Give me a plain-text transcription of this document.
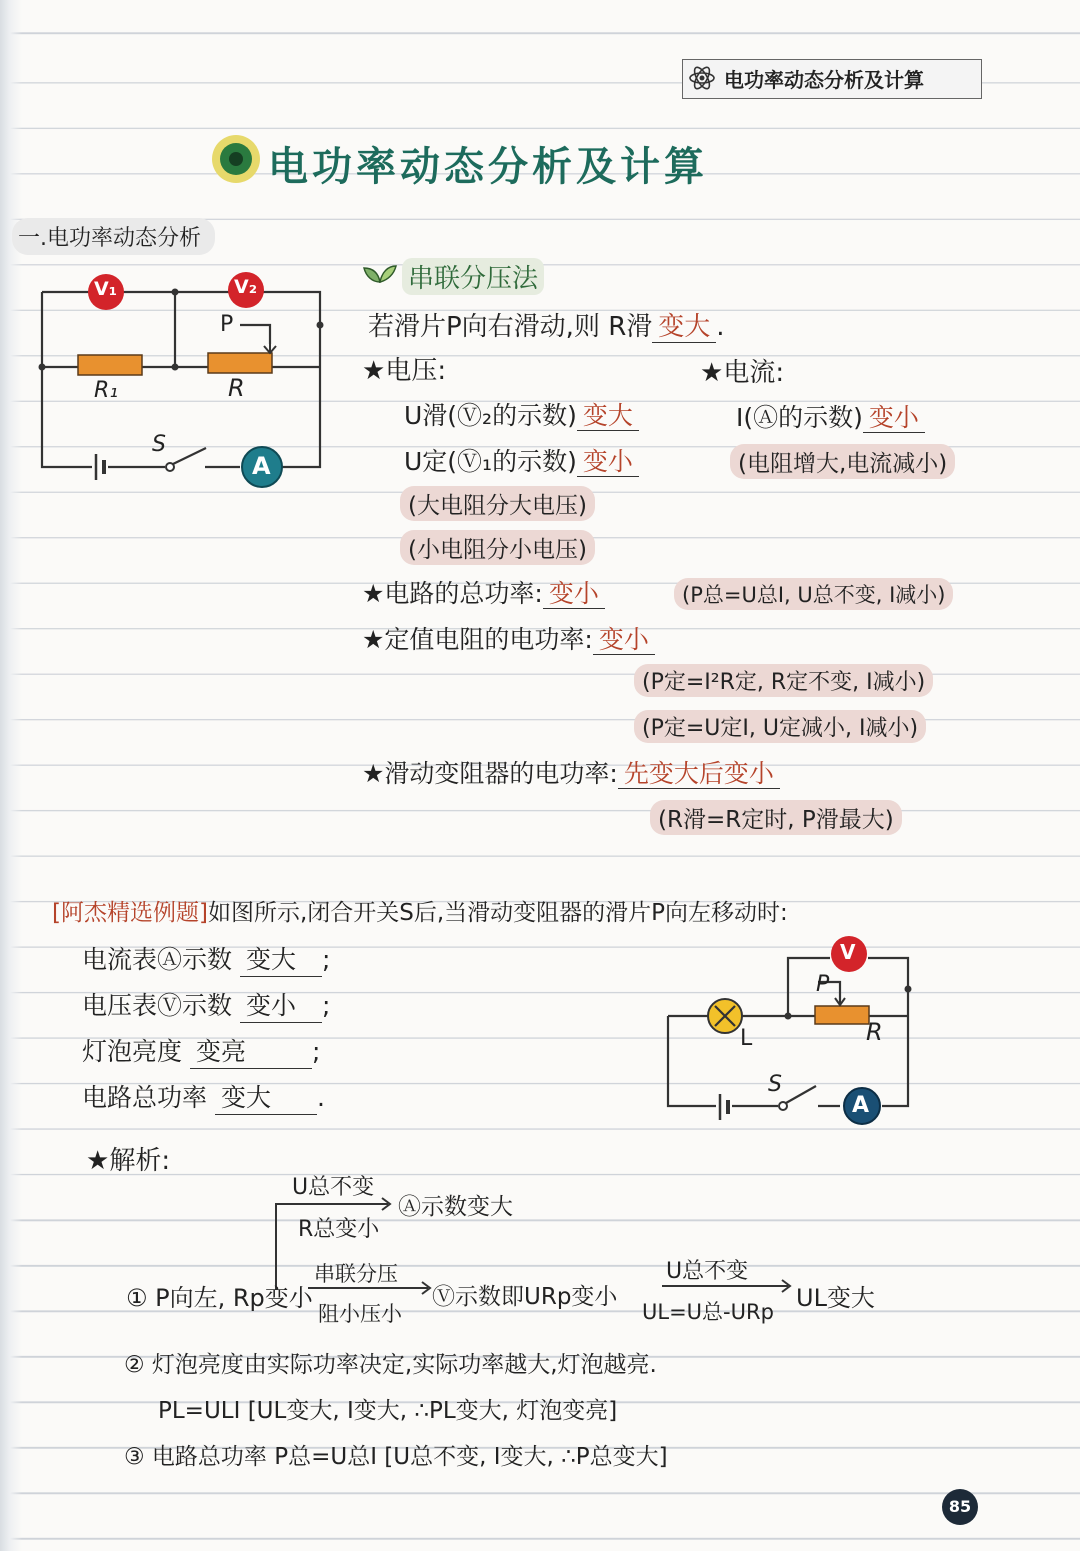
电功率动态分析及计算
电功率动态分析及计算
一.电功率动态分析
V₁	V₂
A
P
R₁	R
S
串联分压法
若滑片P向右滑动,则 R滑 变大 .
★电压:
U滑(Ⓥ₂的示数) 变大
U定(Ⓥ₁的示数) 变小
(大电阻分大电压)
(小电阻分小电压)
★电流:
I(Ⓐ的示数) 变小
(电阻增大,电流减小)
★电路的总功率: 变小	(P总=U总I, U总不变, I减小)
★定值电阻的电功率: 变小
(P定=I²R定, R定不变, I减小)
(P定=U定I, U定减小, I减小)
★滑动变阻器的电功率: 先变大后变小
(R滑=R定时, P滑最大)
[阿杰精选例题]如图所示,闭合开关S后,当滑动变阻器的滑片P向左移动时:
电流表Ⓐ示数 变大 ;
电压表Ⓥ示数 变小 ;
灯泡亮度 变亮	;
电路总功率 变大 .
V
A
P
L	R
S
★解析:
U总不变
R总变小
Ⓐ示数变大
① P向左, Rp变小
串联分压
阻小压小
Ⓥ示数即URp变小
U总不变
UL=U总-URp UL变大
② 灯泡亮度由实际功率决定,实际功率越大,灯泡越亮.
PL=ULI [UL变大, I变大, ∴PL变大, 灯泡变亮]
③ 电路总功率 P总=U总I [U总不变, I变大, ∴P总变大]
85
